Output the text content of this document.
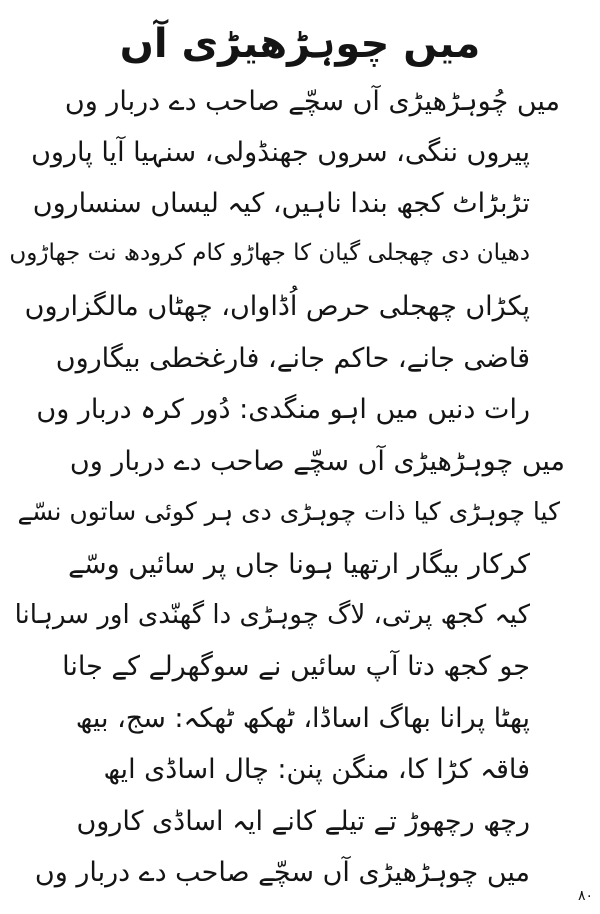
میں چوہڑھیڑی آں
میں چُوہڑھیڑی آں سچّے صاحب دے دربار وں
پیروں ننگی، سروں جھنڈولی، سنہیا آیا پاروں
تڑبڑاٹ کجھ بندا ناہیں، کیہ لیساں سنساروں
دھیان دی چھجلی گیان کا جھاڑو کام کرودھ نت جھاڑوں
پکڑاں چھجلی حرص اُڈاواں، چھٹاں مالگزاروں
قاضی جانے، حاکم جانے، فارغخطی بیگاروں
رات دنیں میں اہو منگدی: دُور کرہ دربار وں
میں چوہڑھیڑی آں سچّے صاحب دے دربار وں
کیا چوہڑی کیا ذات چوہڑی دی ہر کوئی ساتوں نسّے
کرکار بیگار ارتھیا ہونا جاں پر سائیں وسّے
کیہ کجھ پرتی، لاگ چوہڑی دا گھنّدی اور سرہانا
جو کجھ دتا آپ سائیں نے سوگھرلے کے جانا
پھٹا پرانا بھاگ اساڈا، ٹھکھ ٹھکہ: سج، بیھ
فاقہ کڑا کا، منگن پنن: چال اساڈی ایھ
رچھ رچھوڑ تے تیلے کانے ایہ اساڈی کاروں
میں چوہڑھیڑی آں سچّے صاحب دے دربار وں
۸۰
